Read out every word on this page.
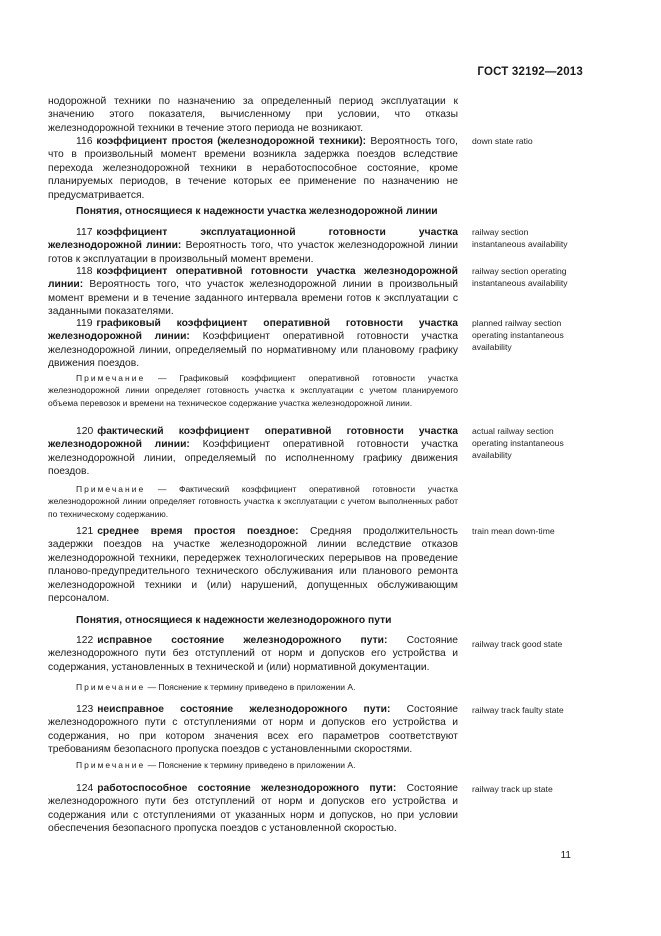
ГОСТ 32192—2013

нодорожной техники по назначению за определенный период эксплуатации к значению этого показателя, вычисленному при условии, что отказы железнодорожной техники в течение этого периода не возникают.

116 коэффициент простоя (железнодорожной техники): Вероятность того, что в произвольный момент времени возникла задержка поездов вследствие перехода железнодорожной техники в неработоспособное состояние, кроме планируемых периодов, в течение которых ее применение по назначению не предусматривается.

down state ratio
Понятия, относящиеся к надежности участка железнодорожной линии

117 коэффициент эксплуатационной готовности участка железнодорожной линии: Вероятность того, что участок железнодорожной линии готов к эксплуатации в произвольный момент времени.

railway section instantaneous availability

118 коэффициент оперативной готовности участка железнодорожной линии: Вероятность того, что участок железнодорожной линии в произвольный момент времени и в течение заданного интервала времени готов к эксплуатации с заданными показателями.

railway section operating instantaneous availability

119 графиковый коэффициент оперативной готовности участка железнодорожной линии: Коэффициент оперативной готовности участка железнодорожной линии, определяемый по нормативному или плановому графику движения поездов.

planned railway section operating instantaneous availability

Примечание — Графиковый коэффициент оперативной готовности участка железнодорожной линии определяет готовность участка к эксплуатации с учетом планируемого объема перевозок и времени на техническое содержание участка железнодорожной линии.

120 фактический коэффициент оперативной готовности участка железнодорожной линии: Коэффициент оперативной готовности участка железнодорожной линии, определяемый по исполненному графику движения поездов.

actual railway section operating instantaneous availability

Примечание — Фактический коэффициент оперативной готовности участка железнодорожной линии определяет готовность участка к эксплуатации с учетом выполненных работ по техническому содержанию.

121 среднее время простоя поездное: Средняя продолжительность задержки поездов на участке железнодорожной линии вследствие отказов железнодорожной техники, передержек технологических перерывов на проведение планово-предупредительного технического обслуживания или планового ремонта железнодорожной техники и (или) нарушений, допущенных обслуживающим персоналом.

train mean down-time
Понятия, относящиеся к надежности железнодорожного пути

122 исправное состояние железнодорожного пути: Состояние железнодорожного пути без отступлений от норм и допусков его устройства и содержания, установленных в технической и (или) нормативной документации.

railway track good state

Примечание — Пояснение к термину приведено в приложении А.

123 неисправное состояние железнодорожного пути: Состояние железнодорожного пути с отступлениями от норм и допусков его устройства и содержания, но при котором значения всех его параметров соответствуют требованиям безопасного пропуска поездов с установленными скоростями.

railway track faulty state

Примечание — Пояснение к термину приведено в приложении А.

124 работоспособное состояние железнодорожного пути: Состояние железнодорожного пути без отступлений от норм и допусков его устройства и содержания или с отступлениями от указанных норм и допусков, но при условии обеспечения безопасного пропуска поездов с установленной скоростью.

railway track up state
11
